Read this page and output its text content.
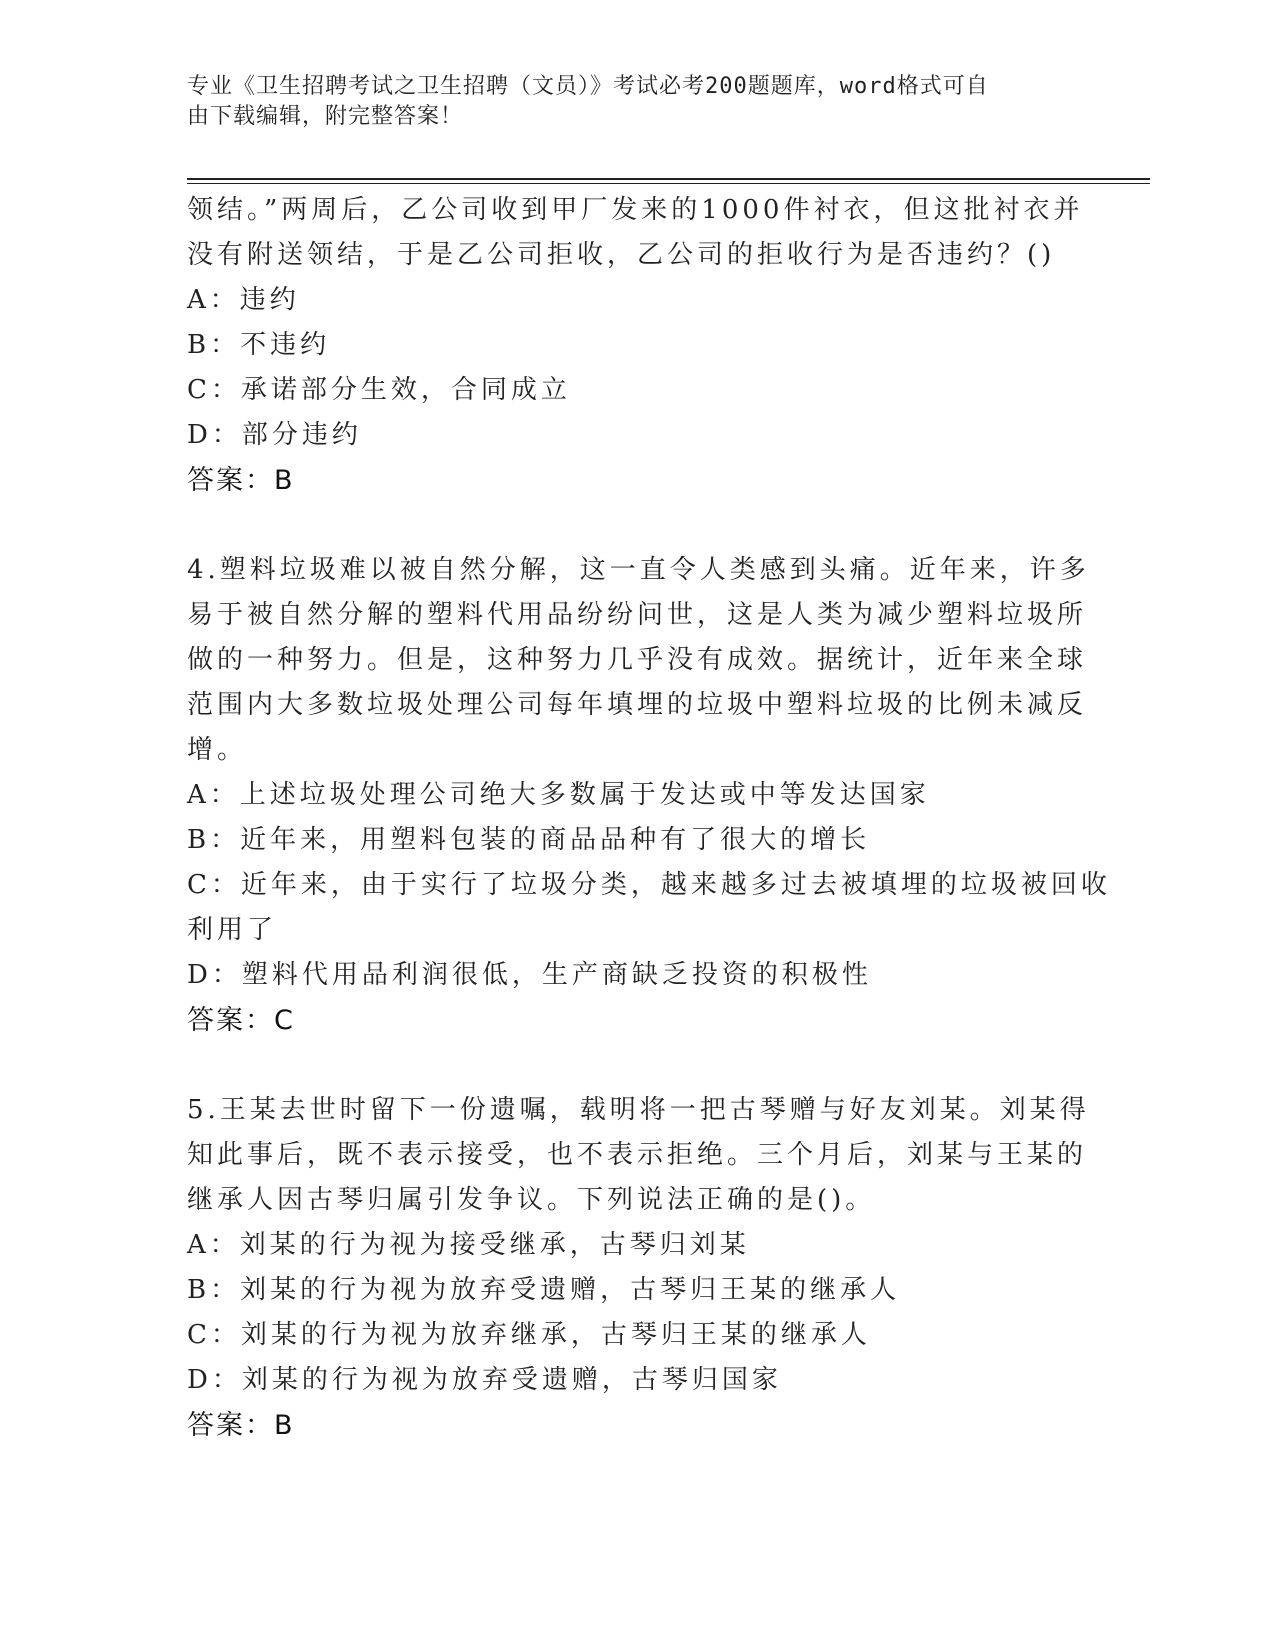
专业《卫生招聘考试之卫生招聘（文员）》考试必考200题题库，word格式可自
由下载编辑，附完整答案！
领结。”两周后，乙公司收到甲厂发来的1000件衬衣，但这批衬衣并
没有附送领结，于是乙公司拒收，乙公司的拒收行为是否违约？()
A：违约
B：不违约
C：承诺部分生效，合同成立
D：部分违约
答案：B
4.塑料垃圾难以被自然分解，这一直令人类感到头痛。近年来，许多
易于被自然分解的塑料代用品纷纷问世，这是人类为减少塑料垃圾所
做的一种努力。但是，这种努力几乎没有成效。据统计，近年来全球
范围内大多数垃圾处理公司每年填埋的垃圾中塑料垃圾的比例未减反
增。
A：上述垃圾处理公司绝大多数属于发达或中等发达国家
B：近年来，用塑料包装的商品品种有了很大的增长
C：近年来，由于实行了垃圾分类，越来越多过去被填埋的垃圾被回收
利用了
D：塑料代用品利润很低，生产商缺乏投资的积极性
答案：C
5.王某去世时留下一份遗嘱，载明将一把古琴赠与好友刘某。刘某得
知此事后，既不表示接受，也不表示拒绝。三个月后，刘某与王某的
继承人因古琴归属引发争议。下列说法正确的是()。
A：刘某的行为视为接受继承，古琴归刘某
B：刘某的行为视为放弃受遗赠，古琴归王某的继承人
C：刘某的行为视为放弃继承，古琴归王某的继承人
D：刘某的行为视为放弃受遗赠，古琴归国家
答案：B
